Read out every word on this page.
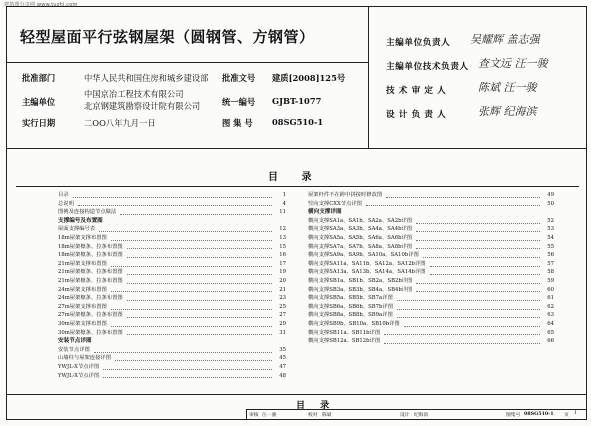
建筑图分享网 www.tuzhi.com
轻型屋面平行弦钢屋架（圆钢管、方钢管）
批准部门	中华人民共和国住房和城乡建设部 批准文号 建质[2008]125号
主编单位
中国京冶工程技术有限公司
北京钢建筑勘察设计院有限公司	统一编号 GJBT-1077
实行日期	二OO八年九月一日	图 集 号 08SG510-1
主编单位负责人 吴耀辉 盖志强
主编单位技术负责人 查文远 汪一骏
技 术 审 定 人	陈斌 汪一骏
设 计 负 责 人	张辉 纪海滨
目 录
目录	1
总说明	4
图例及连接构造节点做法	11
支撑编号及布置图
屋面支撑编号表	12
18m屋架支撑布置图	13
18m屋架檩条、拉条布置图	15
18m屋架檩条、拉条布置图	16
21m屋架支撑布置图	17
21m屋架檩条、拉条布置图	19
21m屋架檩条、拉条布置图	20
24m屋架支撑布置图	21
24m屋架檩条、拉条布置图	23
27m屋架支撑布置图	25
27m屋架檩条、拉条布置图	27
30m屋架支撑布置图	29
30m屋架檩条、拉条布置图	31
安装节点详图
安装节点详图	35
山墙柱与屋架连接详图	45
YWJL-X节点详图	47
YWJL-X节点详图	48
屋架杆件不在跨中拼接时修改图	49
竖向支撑CXX节点详图	50
横向支撑详图
横向支撑SA1a、SA1b、SA2a、SA2b详图	52
横向支撑SA3a、SA3b、SA4a、SA4b详图	53
横向支撑SA5a、SA5b、SA6a、SA6b详图	54
横向支撑SA7a、SA7b、SA8a、SA8b详图	55
横向支撑SA9a、SA9b、SA10a、SA10b详图	56
横向支撑SA11a、SA11b、SA12a、SA12b详图	57
横向支撑SA13a、SA13b、SA14a、SA14b详图	58
横向支撑SB1a、SB1b、SB2a、SB2b详图	59
横向支撑SB3a、SB3b、SB4a、SB4b详图	60
横向支撑SB5a、SB5b、SB7a详图	61
横向支撑SB6a、SB6b、SB7b详图	62
横向支撑SB8a、SB8b、SB9a详图	63
横向支撑SB9b、SB10a、SB10b详图	64
横向支撑SB11a、SB11b详图	65
横向支撑SB12a、SB12b详图	66
目 录
审核 汪一骏	校对 陈斌	设计 纪海滨	图集号 08SG510-1 页 1
